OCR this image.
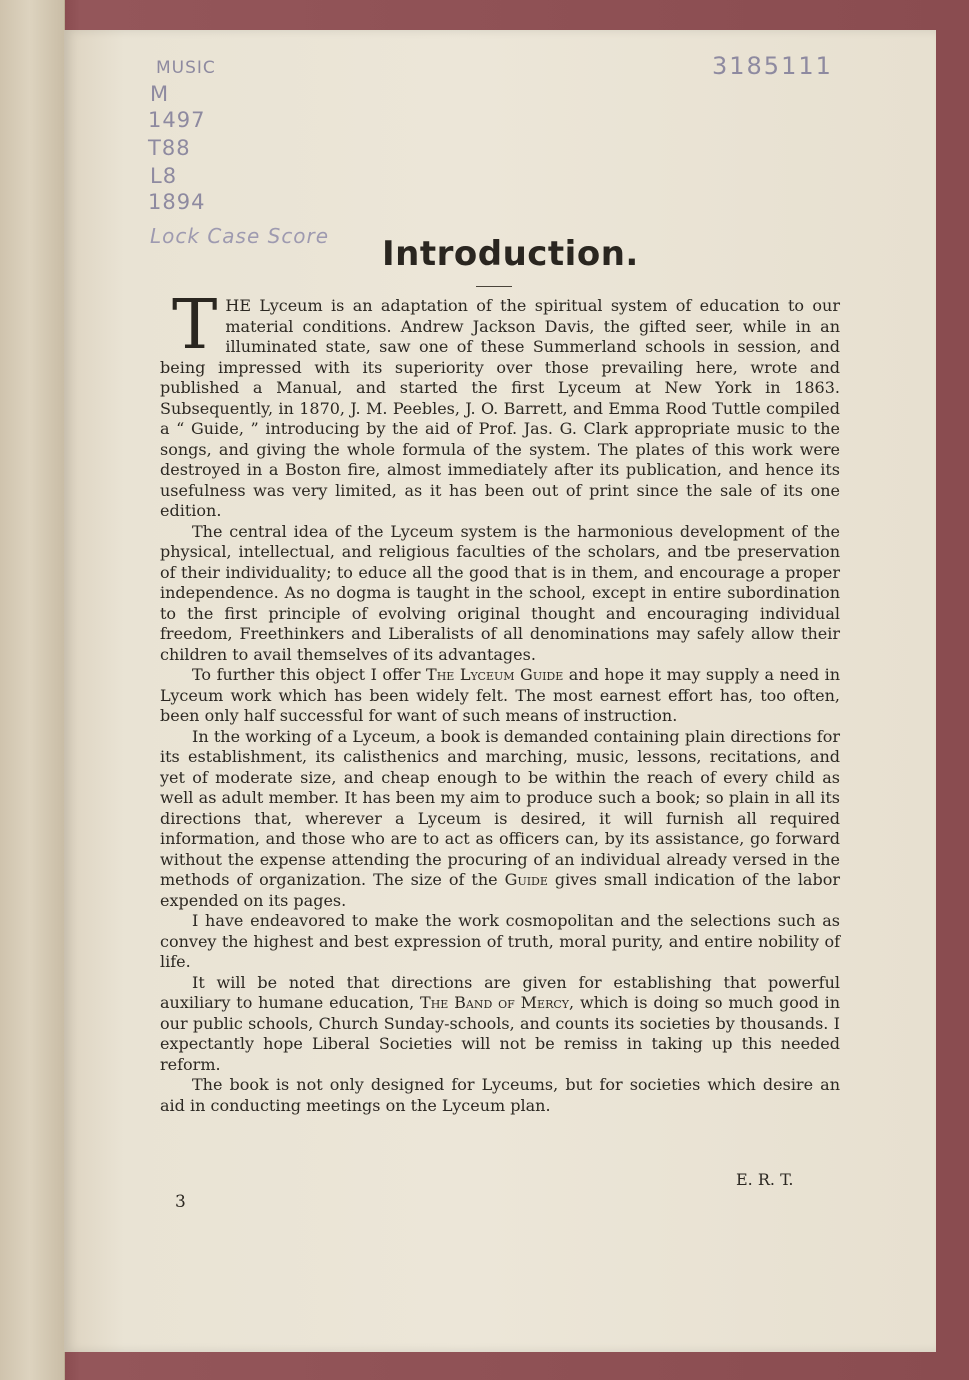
MUSIC
M
1497
T88
L8
1894
Lock Case Score
3185111
Introduction.

THE Lyceum is an adaptation of the spiritual system of education to our material conditions. Andrew Jackson Davis, the gifted seer, while in an illuminated state, saw one of these Summerland schools in session, and being impressed with its superiority over those prevailing here, wrote and published a Manual, and started the first Lyceum at New York in 1863. Subsequently, in 1870, J. M. Peebles, J. O. Barrett, and Emma Rood Tuttle compiled a “ Guide, ” introducing by the aid of Prof. Jas. G. Clark appropriate music to the songs, and giving the whole formula of the system. The plates of this work were destroyed in a Boston fire, almost immediately after its publication, and hence its usefulness was very limited, as it has been out of print since the sale of its one edition.

The central idea of the Lyceum system is the harmonious development of the physical, intellectual, and religious faculties of the scholars, and tbe preservation of their individuality; to educe all the good that is in them, and encourage a proper independence. As no dogma is taught in the school, except in entire subordination to the first principle of evolving original thought and encouraging individual freedom, Freethinkers and Liberalists of all denominations may safely allow their children to avail themselves of its advantages.

To further this object I offer The Lyceum Guide and hope it may supply a need in Lyceum work which has been widely felt. The most earnest effort has, too often, been only half successful for want of such means of instruction.

In the working of a Lyceum, a book is demanded containing plain directions for its establishment, its calisthenics and marching, music, lessons, recitations, and yet of moderate size, and cheap enough to be within the reach of every child as well as adult member. It has been my aim to produce such a book; so plain in all its directions that, wherever a Lyceum is desired, it will furnish all required information, and those who are to act as officers can, by its assistance, go forward without the expense attending the procuring of an individual already versed in the methods of organization. The size of the Guide gives small indication of the labor expended on its pages.

I have endeavored to make the work cosmopolitan and the selections such as convey the highest and best expression of truth, moral purity, and entire nobility of life.

It will be noted that directions are given for establishing that powerful auxiliary to humane education, The Band of Mercy, which is doing so much good in our public schools, Church Sunday-schools, and counts its societies by thousands. I expectantly hope Liberal Societies will not be remiss in taking up this needed reform.

The book is not only designed for Lyceums, but for societies which desire an aid in conducting meetings on the Lyceum plan.

E. R. T.
3
